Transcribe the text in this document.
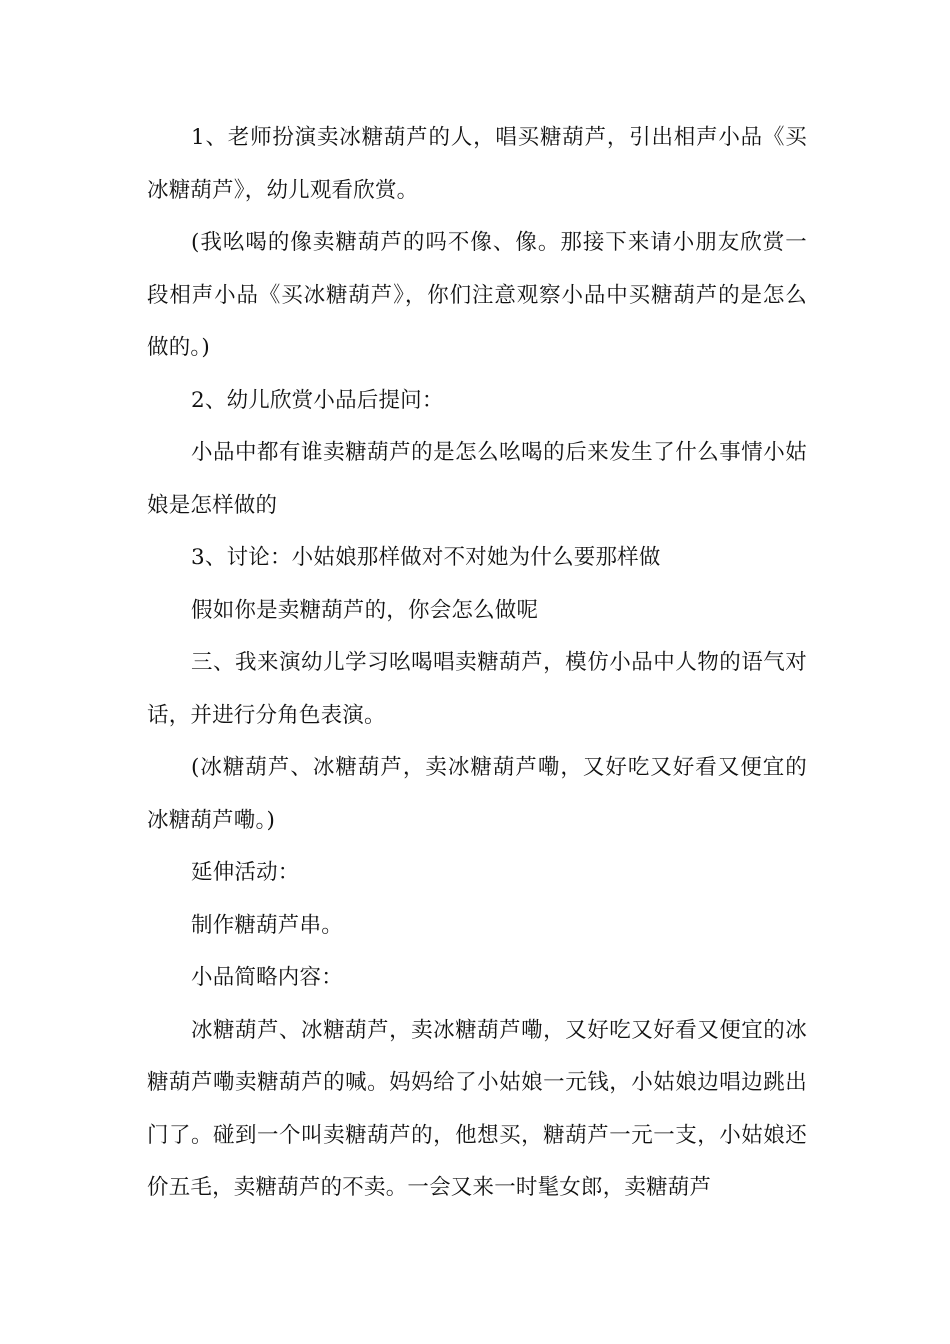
1、老师扮演卖冰糖葫芦的人，唱买糖葫芦，引出相声小品《买冰糖葫芦》，幼儿观看欣赏。

(我吆喝的像卖糖葫芦的吗不像、像。那接下来请小朋友欣赏一段相声小品《买冰糖葫芦》，你们注意观察小品中买糖葫芦的是怎么做的。)

2、幼儿欣赏小品后提问：

小品中都有谁卖糖葫芦的是怎么吆喝的后来发生了什么事情小姑娘是怎样做的

3、讨论：小姑娘那样做对不对她为什么要那样做

假如你是卖糖葫芦的，你会怎么做呢

三、我来演幼儿学习吆喝唱卖糖葫芦，模仿小品中人物的语气对话，并进行分角色表演。

(冰糖葫芦、冰糖葫芦，卖冰糖葫芦嘞，又好吃又好看又便宜的冰糖葫芦嘞。)

延伸活动：

制作糖葫芦串。

小品简略内容：

冰糖葫芦、冰糖葫芦，卖冰糖葫芦嘞，又好吃又好看又便宜的冰糖葫芦嘞卖糖葫芦的喊。妈妈给了小姑娘一元钱，小姑娘边唱边跳出门了。碰到一个叫卖糖葫芦的，他想买，糖葫芦一元一支，小姑娘还价五毛，卖糖葫芦的不卖。一会又来一时髦女郎，卖糖葫芦
